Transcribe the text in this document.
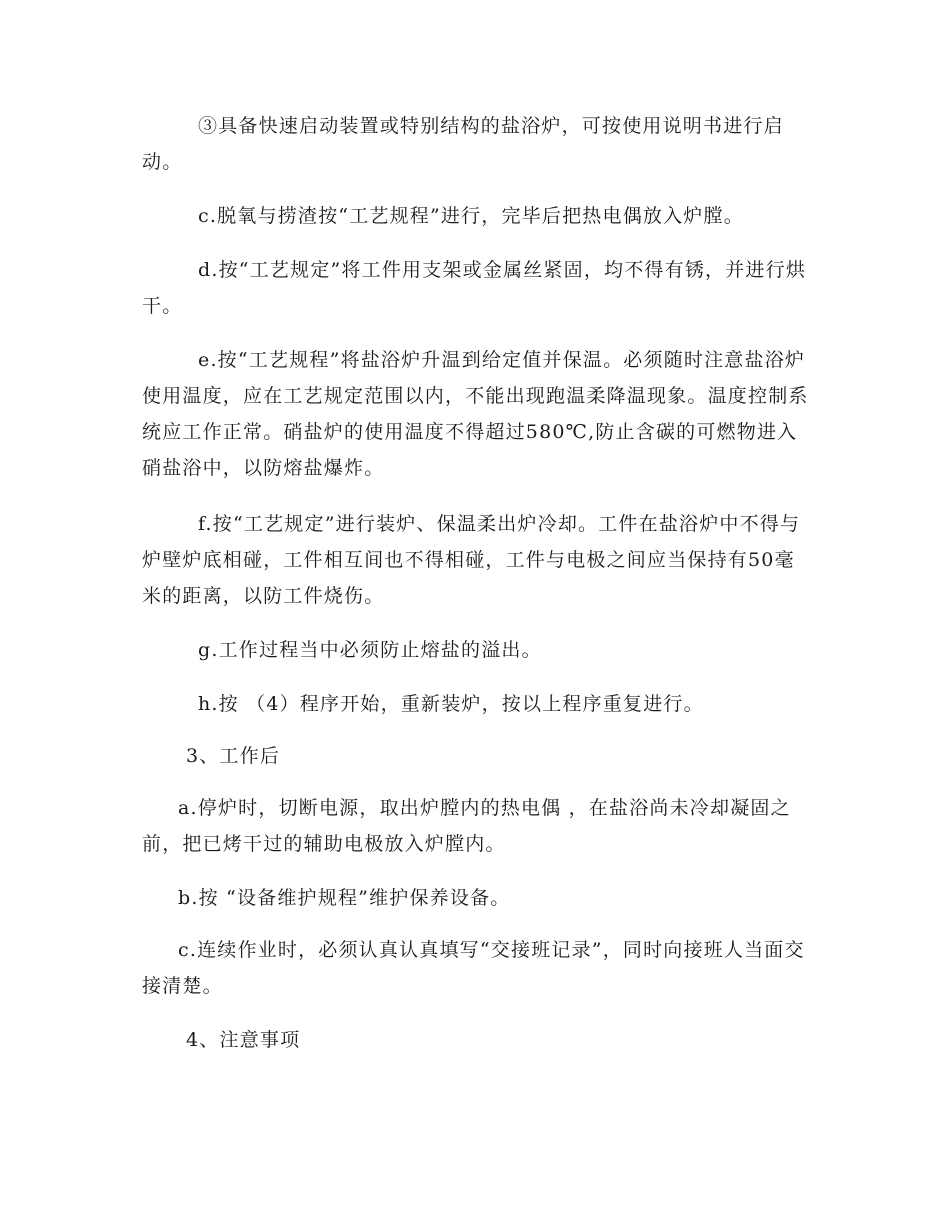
③具备快速启动装置或特别结构的盐浴炉，可按使用说明书进行启动。

c.脱氧与捞渣按“工艺规程”进行，完毕后把热电偶放入炉膛。

d.按“工艺规定”将工件用支架或金属丝紧固，均不得有锈，并进行烘干。

e.按“工艺规程”将盐浴炉升温到给定值并保温。必须随时注意盐浴炉使用温度，应在工艺规定范围以内，不能出现跑温柔降温现象。温度控制系统应工作正常。硝盐炉的使用温度不得超过580℃,防止含碳的可燃物进入硝盐浴中，以防熔盐爆炸。

f.按“工艺规定”进行装炉、保温柔出炉冷却。工件在盐浴炉中不得与炉壁炉底相碰，工件相互间也不得相碰，工件与电极之间应当保持有50毫米的距离，以防工件烧伤。

g.工作过程当中必须防止熔盐的溢出。

h.按 （4）程序开始，重新装炉，按以上程序重复进行。

3、工作后

a.停炉时，切断电源，取出炉膛内的热电偶 ，在盐浴尚未冷却凝固之前，把已烤干过的辅助电极放入炉膛内。

b.按 “设备维护规程”维护保养设备。

c.连续作业时，必须认真认真填写“交接班记录”，同时向接班人当面交接清楚。

4、注意事项
